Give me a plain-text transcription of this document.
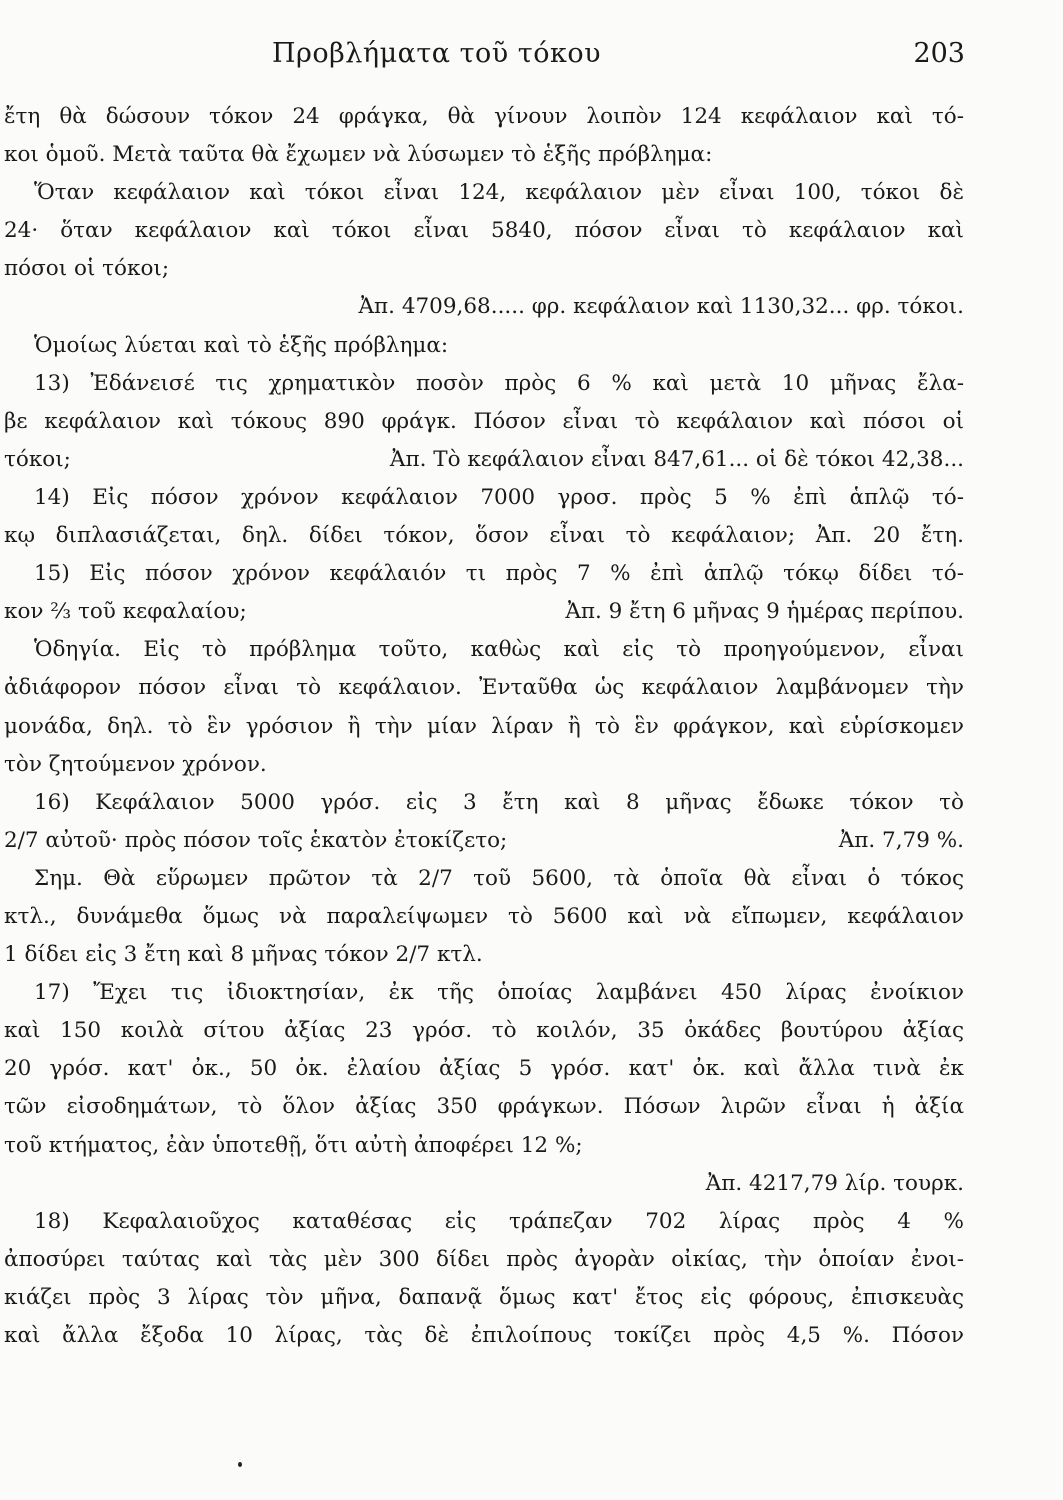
Προβλήματα τοῦ τόκου	203
ἔτη θὰ δώσουν τόκον 24 φράγκα, θὰ γίνουν λοιπὸν 124 κεφάλαιον καὶ τό-
κοι ὁμοῦ. Μετὰ ταῦτα θὰ ἔχωμεν νὰ λύσωμεν τὸ ἑξῆς πρόβλημα:
Ὅταν κεφάλαιον καὶ τόκοι εἶναι 124, κεφάλαιον μὲν εἶναι 100, τόκοι δὲ
24· ὅταν κεφάλαιον καὶ τόκοι εἶναι 5840, πόσον εἶναι τὸ κεφάλαιον καὶ
πόσοι οἱ τόκοι;
Ἀπ. 4709,68..... φρ. κεφάλαιον καὶ 1130,32... φρ. τόκοι.
Ὁμοίως λύεται καὶ τὸ ἑξῆς πρόβλημα:
13) Ἐδάνεισέ τις χρηματικὸν ποσὸν πρὸς 6 % καὶ μετὰ 10 μῆνας ἔλα-
βε κεφάλαιον καὶ τόκους 890 φράγκ. Πόσον εἶναι τὸ κεφάλαιον καὶ πόσοι οἱ
τόκοι;	Ἀπ. Τὸ κεφάλαιον εἶναι 847,61... οἱ δὲ τόκοι 42,38...
14) Εἰς πόσον χρόνον κεφάλαιον 7000 γροσ. πρὸς 5 % ἐπὶ ἁπλῷ τό-
κῳ διπλασιάζεται, δηλ. δίδει τόκον, ὅσον εἶναι τὸ κεφάλαιον; Ἀπ. 20 ἔτη.
15) Εἰς πόσον χρόνον κεφάλαιόν τι πρὸς 7 % ἐπὶ ἁπλῷ τόκῳ δίδει τό-
κον ⅔ τοῦ κεφαλαίου;	Ἀπ. 9 ἔτη 6 μῆνας 9 ἡμέρας περίπου.
Ὁδηγία. Εἰς τὸ πρόβλημα τοῦτο, καθὼς καὶ εἰς τὸ προηγούμενον, εἶναι
ἀδιάφορον πόσον εἶναι τὸ κεφάλαιον. Ἐνταῦθα ὡς κεφάλαιον λαμβάνομεν τὴν
μονάδα, δηλ. τὸ ἓν γρόσιον ἢ τὴν μίαν λίραν ἢ τὸ ἓν φράγκον, καὶ εὑρίσκομεν
τὸν ζητούμενον χρόνον.
16) Κεφάλαιον 5000 γρόσ. εἰς 3 ἔτη καὶ 8 μῆνας ἔδωκε τόκον τὸ
2/7 αὐτοῦ· πρὸς πόσον τοῖς ἑκατὸν ἐτοκίζετο;	Ἀπ. 7,79 %.
Σημ. Θὰ εὕρωμεν πρῶτον τὰ 2/7 τοῦ 5600, τὰ ὁποῖα θὰ εἶναι ὁ τόκος
κτλ., δυνάμεθα ὅμως νὰ παραλείψωμεν τὸ 5600 καὶ νὰ εἴπωμεν, κεφάλαιον
1 δίδει εἰς 3 ἔτη καὶ 8 μῆνας τόκον 2/7 κτλ.
17) Ἔχει τις ἰδιοκτησίαν, ἐκ τῆς ὁποίας λαμβάνει 450 λίρας ἐνοίκιον
καὶ 150 κοιλὰ σίτου ἀξίας 23 γρόσ. τὸ κοιλόν, 35 ὀκάδες βουτύρου ἀξίας
20 γρόσ. κατ' ὀκ., 50 ὀκ. ἐλαίου ἀξίας 5 γρόσ. κατ' ὀκ. καὶ ἄλλα τινὰ ἐκ
τῶν εἰσοδημάτων, τὸ ὅλον ἀξίας 350 φράγκων. Πόσων λιρῶν εἶναι ἡ ἀξία
τοῦ κτήματος, ἐὰν ὑποτεθῇ, ὅτι αὐτὴ ἀποφέρει 12 %;
Ἀπ. 4217,79 λίρ. τουρκ.
18) Κεφαλαιοῦχος καταθέσας εἰς τράπεζαν 702 λίρας πρὸς 4 %
ἀποσύρει ταύτας καὶ τὰς μὲν 300 δίδει πρὸς ἀγορὰν οἰκίας, τὴν ὁποίαν ἐνοι-
κιάζει πρὸς 3 λίρας τὸν μῆνα, δαπανᾷ ὅμως κατ' ἔτος εἰς φόρους, ἐπισκευὰς
καὶ ἄλλα ἔξοδα 10 λίρας, τὰς δὲ ἐπιλοίπους τοκίζει πρὸς 4,5 %. Πόσον
